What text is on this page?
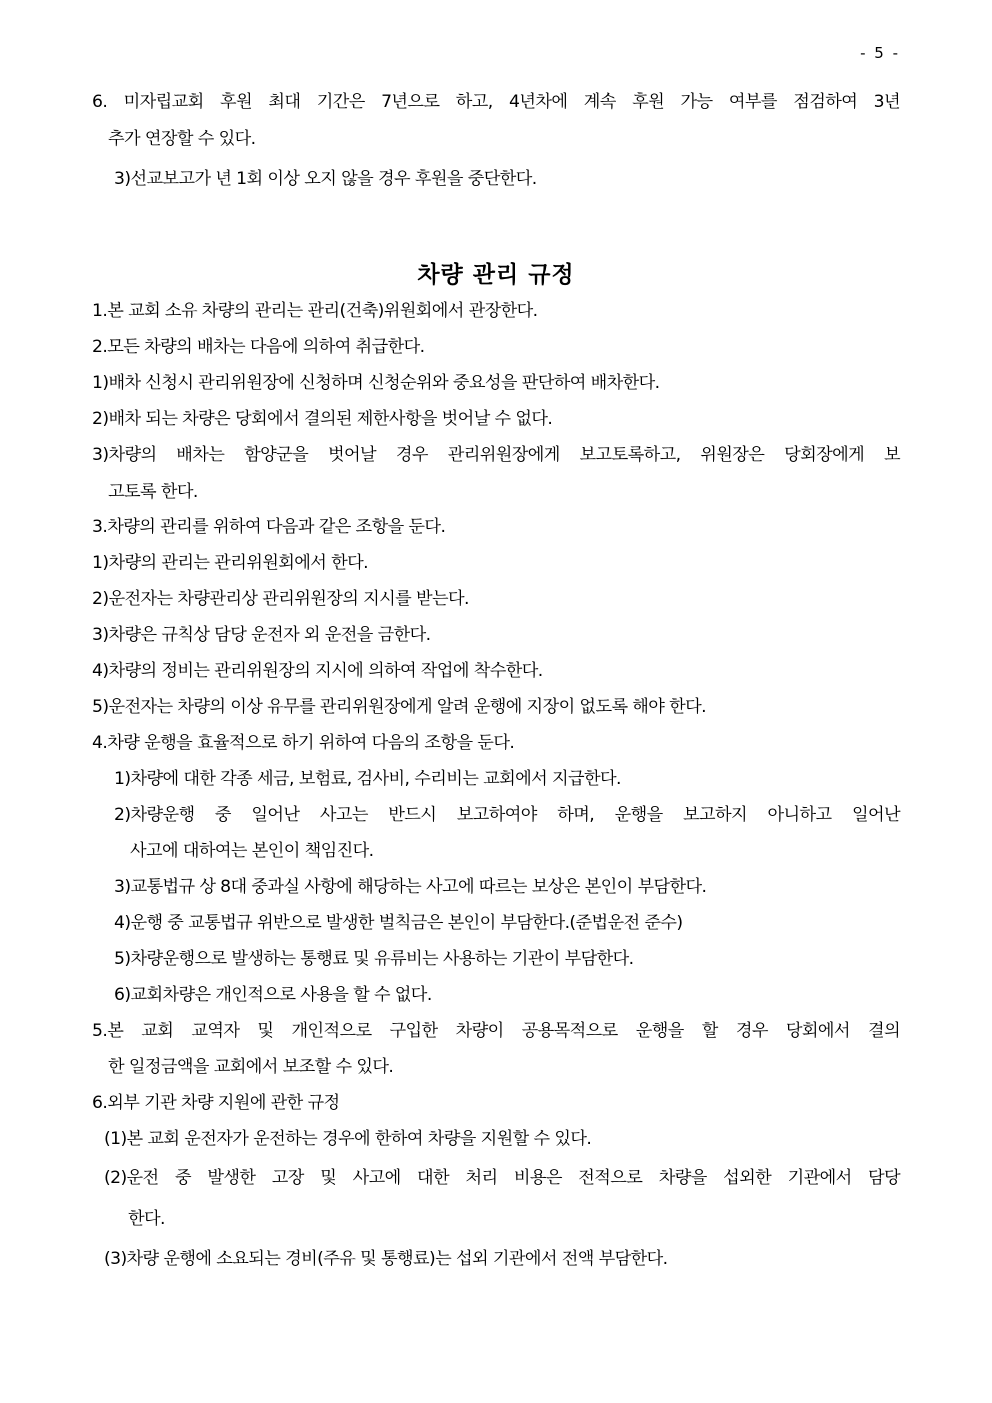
- 5 -
6. 미자립교회 후원 최대 기간은 7년으로 하고, 4년차에 계속 후원 가능 여부를 점검하여 3년
추가 연장할 수 있다.
3)선교보고가 년 1회 이상 오지 않을 경우 후원을 중단한다.
차량 관리 규정
1.본 교회 소유 차량의 관리는 관리(건축)위원회에서 관장한다.
2.모든 차량의 배차는 다음에 의하여 취급한다.
1)배차 신청시 관리위원장에 신청하며 신청순위와 중요성을 판단하여 배차한다.
2)배차 되는 차량은 당회에서 결의된 제한사항을 벗어날 수 없다.
3)차량의 배차는 함양군을 벗어날 경우 관리위원장에게 보고토록하고, 위원장은 당회장에게 보
고토록 한다.
3.차량의 관리를 위하여 다음과 같은 조항을 둔다.
1)차량의 관리는 관리위원회에서 한다.
2)운전자는 차량관리상 관리위원장의 지시를 받는다.
3)차량은 규칙상 담당 운전자 외 운전을 금한다.
4)차량의 정비는 관리위원장의 지시에 의하여 작업에 착수한다.
5)운전자는 차량의 이상 유무를 관리위원장에게 알려 운행에 지장이 없도록 해야 한다.
4.차량 운행을 효율적으로 하기 위하여 다음의 조항을 둔다.
1)차량에 대한 각종 세금, 보험료, 검사비, 수리비는 교회에서 지급한다.
2)차량운행 중 일어난 사고는 반드시 보고하여야 하며, 운행을 보고하지 아니하고 일어난
사고에 대하여는 본인이 책임진다.
3)교통법규 상 8대 중과실 사항에 해당하는 사고에 따르는 보상은 본인이 부담한다.
4)운행 중 교통법규 위반으로 발생한 벌칙금은 본인이 부담한다.(준법운전 준수)
5)차량운행으로 발생하는 통행료 및 유류비는 사용하는 기관이 부담한다.
6)교회차량은 개인적으로 사용을 할 수 없다.
5.본 교회 교역자 및 개인적으로 구입한 차량이 공용목적으로 운행을 할 경우 당회에서 결의
한 일정금액을 교회에서 보조할 수 있다.
6.외부 기관 차량 지원에 관한 규정
(1)본 교회 운전자가 운전하는 경우에 한하여 차량을 지원할 수 있다.
(2)운전 중 발생한 고장 및 사고에 대한 처리 비용은 전적으로 차량을 섭외한 기관에서 담당
한다.
(3)차량 운행에 소요되는 경비(주유 및 통행료)는 섭외 기관에서 전액 부담한다.
